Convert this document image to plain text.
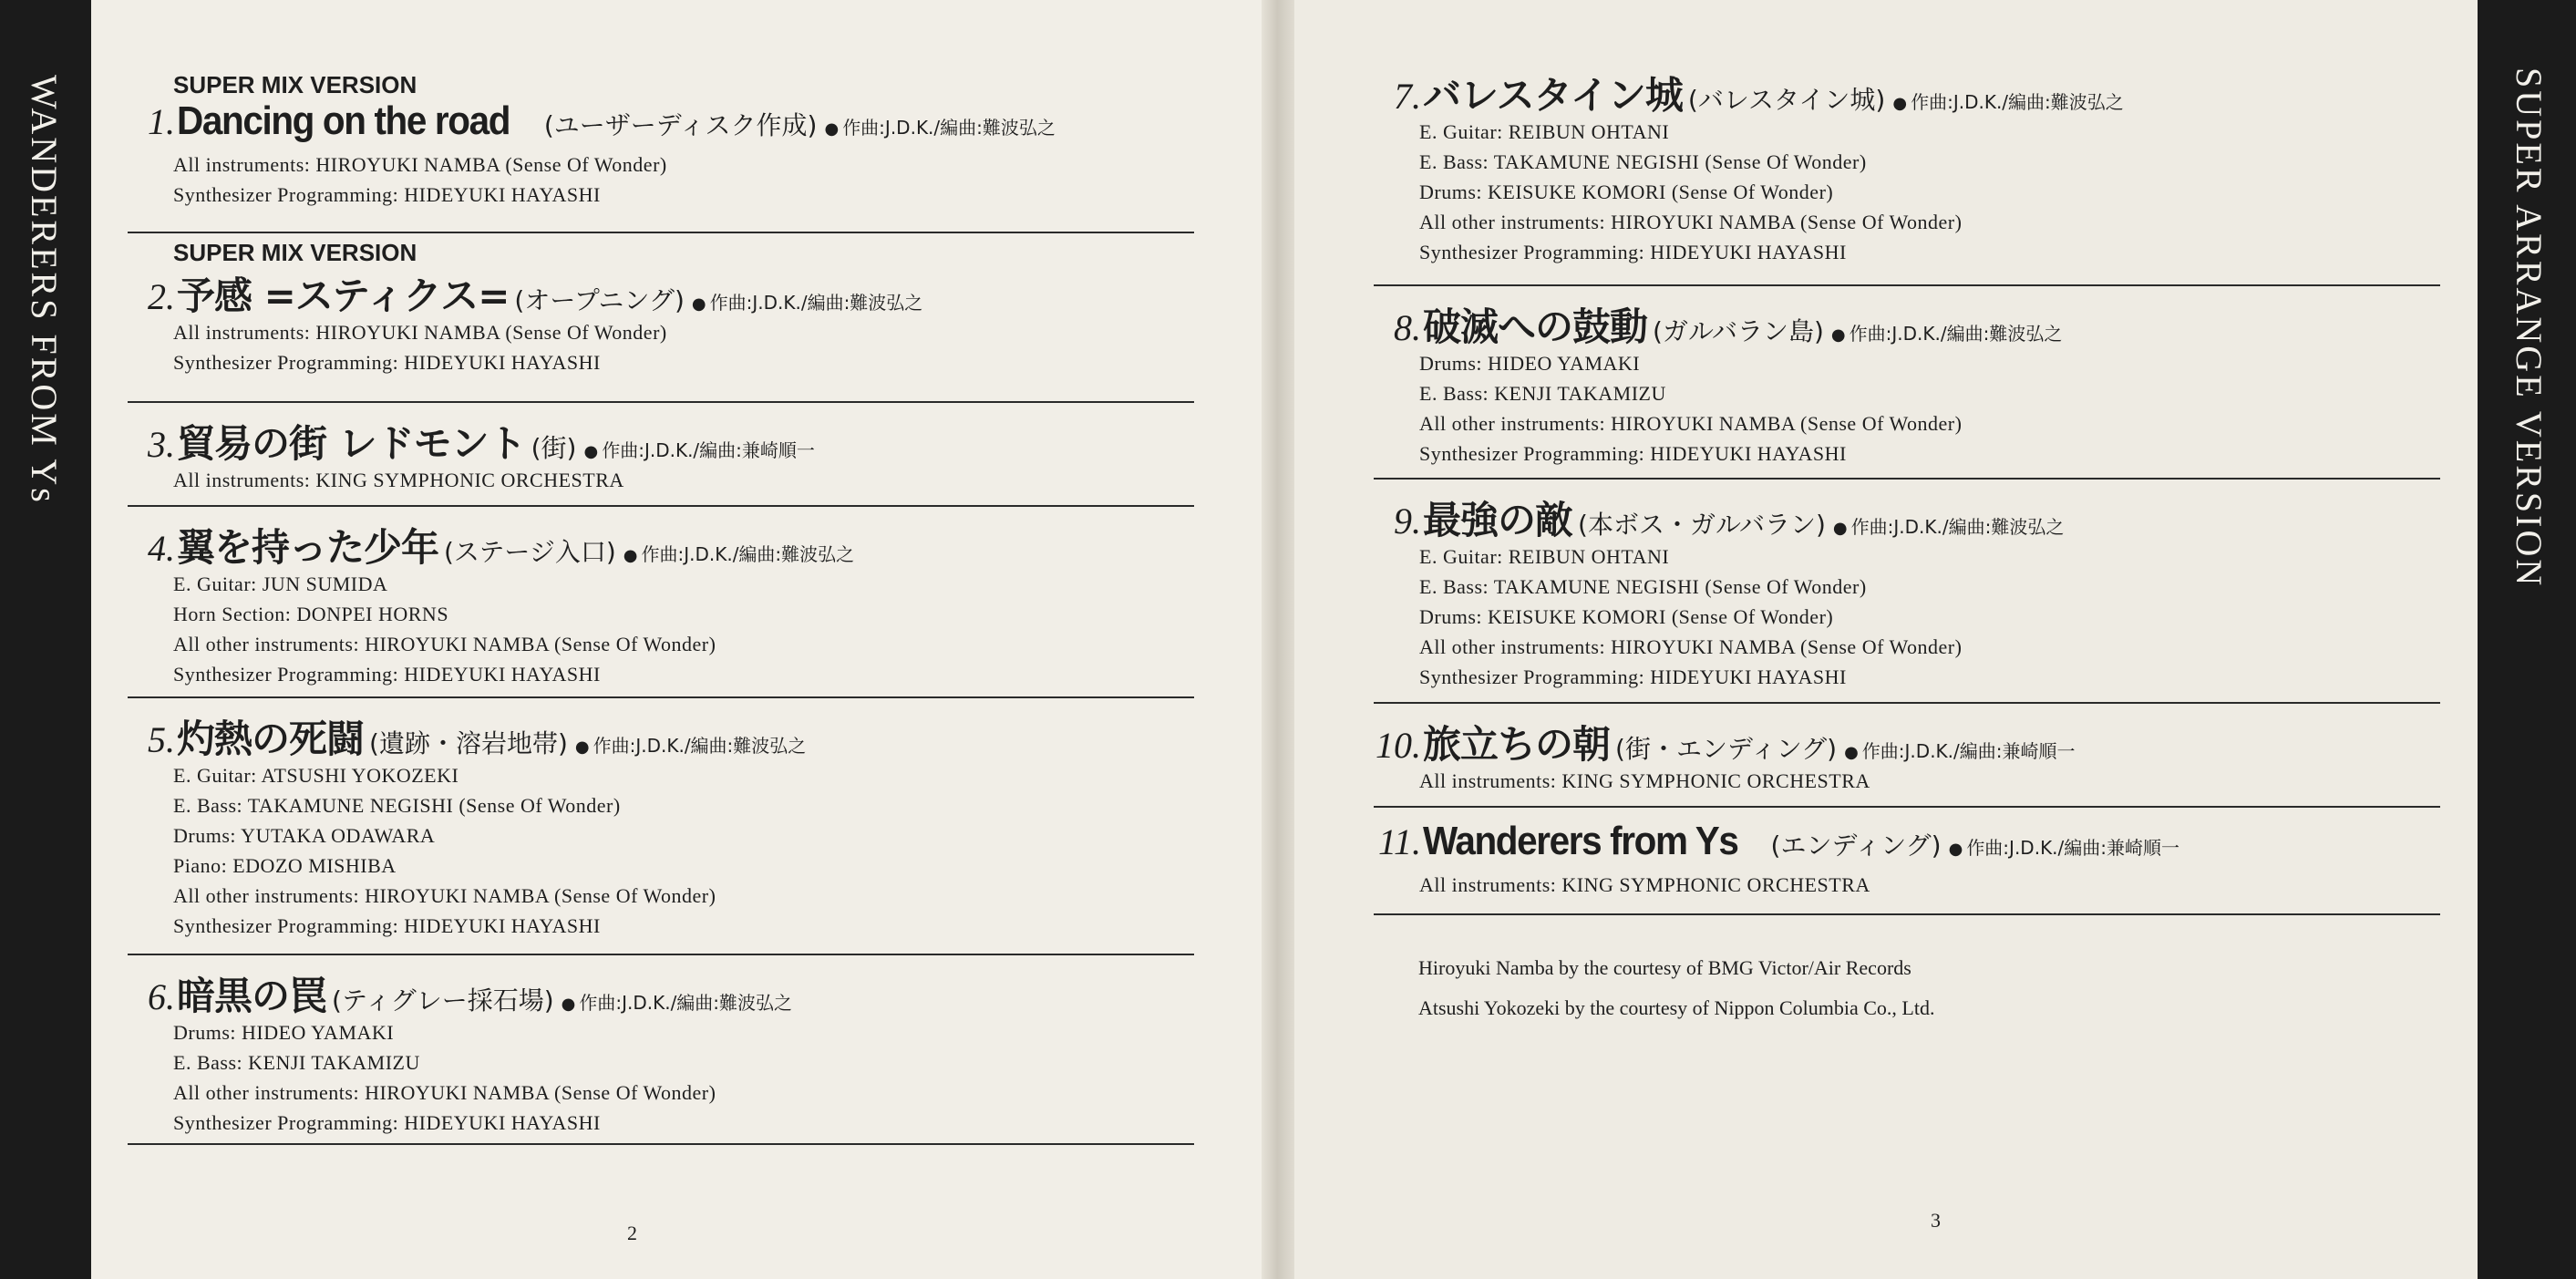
WANDERERS FROM Ys	SUPER ARRANGE VERSION
SUPER MIX VERSION
1. Dancing on the road (ユーザーディスク作成)	● 作曲:J.D.K./編曲:難波弘之
All instruments: HIROYUKI NAMBA (Sense Of Wonder)
Synthesizer Programming: HIDEYUKI HAYASHI
SUPER MIX VERSION
2. 予感 =スティクス= (オープニング)	● 作曲:J.D.K./編曲:難波弘之
All instruments: HIROYUKI NAMBA (Sense Of Wonder)
Synthesizer Programming: HIDEYUKI HAYASHI
3. 貿易の街 レドモント (街)	● 作曲:J.D.K./編曲:兼崎順一
All instruments: KING SYMPHONIC ORCHESTRA
4. 翼を持った少年 (ステージ入口)	● 作曲:J.D.K./編曲:難波弘之
E. Guitar: JUN SUMIDA
Horn Section: DONPEI HORNS
All other instruments: HIROYUKI NAMBA (Sense Of Wonder)
Synthesizer Programming: HIDEYUKI HAYASHI
5. 灼熱の死闘 (遺跡・溶岩地帯)	● 作曲:J.D.K./編曲:難波弘之
E. Guitar: ATSUSHI YOKOZEKI
E. Bass: TAKAMUNE NEGISHI (Sense Of Wonder)
Drums: YUTAKA ODAWARA
Piano: EDOZO MISHIBA
All other instruments: HIROYUKI NAMBA (Sense Of Wonder)
Synthesizer Programming: HIDEYUKI HAYASHI
6. 暗黒の罠 (ティグレー採石場)	● 作曲:J.D.K./編曲:難波弘之
Drums: HIDEO YAMAKI
E. Bass: KENJI TAKAMIZU
All other instruments: HIROYUKI NAMBA (Sense Of Wonder)
Synthesizer Programming: HIDEYUKI HAYASHI
7. バレスタイン城 (バレスタイン城)	● 作曲:J.D.K./編曲:難波弘之
E. Guitar: REIBUN OHTANI
E. Bass: TAKAMUNE NEGISHI (Sense Of Wonder)
Drums: KEISUKE KOMORI (Sense Of Wonder)
All other instruments: HIROYUKI NAMBA (Sense Of Wonder)
Synthesizer Programming: HIDEYUKI HAYASHI
8. 破滅への鼓動 (ガルバラン島)	● 作曲:J.D.K./編曲:難波弘之
Drums: HIDEO YAMAKI
E. Bass: KENJI TAKAMIZU
All other instruments: HIROYUKI NAMBA (Sense Of Wonder)
Synthesizer Programming: HIDEYUKI HAYASHI
9. 最強の敵 (本ボス・ガルバラン)	● 作曲:J.D.K./編曲:難波弘之
E. Guitar: REIBUN OHTANI
E. Bass: TAKAMUNE NEGISHI (Sense Of Wonder)
Drums: KEISUKE KOMORI (Sense Of Wonder)
All other instruments: HIROYUKI NAMBA (Sense Of Wonder)
Synthesizer Programming: HIDEYUKI HAYASHI
10. 旅立ちの朝 (街・エンディング)	● 作曲:J.D.K./編曲:兼崎順一
All instruments: KING SYMPHONIC ORCHESTRA
11. Wanderers from Ys (エンディング)	● 作曲:J.D.K./編曲:兼崎順一
All instruments: KING SYMPHONIC ORCHESTRA
Hiroyuki Namba by the courtesy of BMG Victor/Air Records
Atsushi Yokozeki by the courtesy of Nippon Columbia Co., Ltd.
2
3
